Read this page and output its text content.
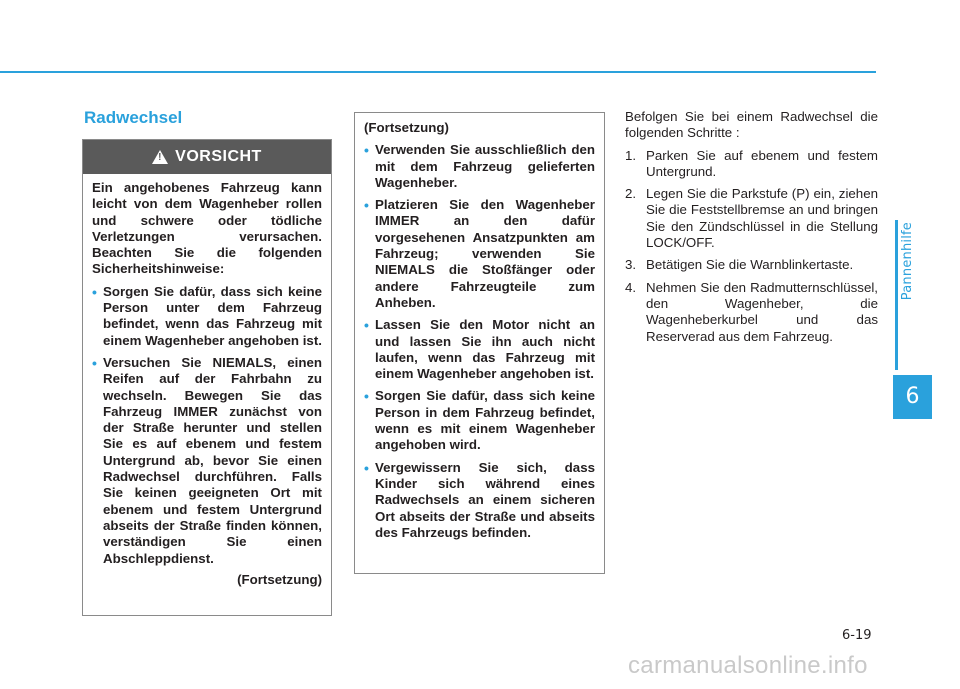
Pannenhilfe
6
Radwechsel
!
VORSICHT

Ein angehobenes Fahrzeug kann leicht von dem Wagenheber rollen und schwere oder tödliche Verletzungen verursachen. Beachten Sie die folgenden Sicherheitshinweise:

• Sorgen Sie dafür, dass sich keine Person unter dem Fahrzeug befindet, wenn das Fahrzeug mit einem Wagenheber angehoben ist.
• Versuchen Sie NIEMALS, einen Reifen auf der Fahrbahn zu wechseln. Bewegen Sie das Fahrzeug IMMER zunächst von der Straße herunter und stellen Sie es auf ebenem und festem Untergrund ab, bevor Sie einen Radwechsel durchführen. Falls Sie keinen geeigneten Ort mit ebenem und festem Untergrund abseits der Straße finden können, verständigen Sie einen Abschleppdienst.

(Fortsetzung)

(Fortsetzung)

• Verwenden Sie ausschließlich den mit dem Fahrzeug gelieferten Wagenheber.
• Platzieren Sie den Wagenheber IMMER an den dafür vorgesehenen Ansatzpunkten am Fahrzeug; verwenden Sie NIEMALS die Stoßfänger oder andere Fahrzeugteile zum Anheben.
• Lassen Sie den Motor nicht an und lassen Sie ihn auch nicht laufen, wenn das Fahrzeug mit einem Wagenheber angehoben ist.
• Sorgen Sie dafür, dass sich keine Person in dem Fahrzeug befindet, wenn es mit einem Wagenheber angehoben wird.
• Vergewissern Sie sich, dass Kinder sich während eines Radwechsels an einem sicheren Ort abseits der Straße und abseits des Fahrzeugs befinden.

Befolgen Sie bei einem Radwechsel die folgenden Schritte :

1. Parken Sie auf ebenem und festem Untergrund.
2. Legen Sie die Parkstufe (P) ein, ziehen Sie die Feststellbremse an und bringen Sie den Zündschlüssel in die Stellung LOCK/OFF.
3. Betätigen Sie die Warnblinkertaste.
4. Nehmen Sie den Radmutternschlüssel, den Wagenheber, die Wagenheberkurbel und das Reserverad aus dem Fahrzeug.
6-19
carmanualsonline.info
